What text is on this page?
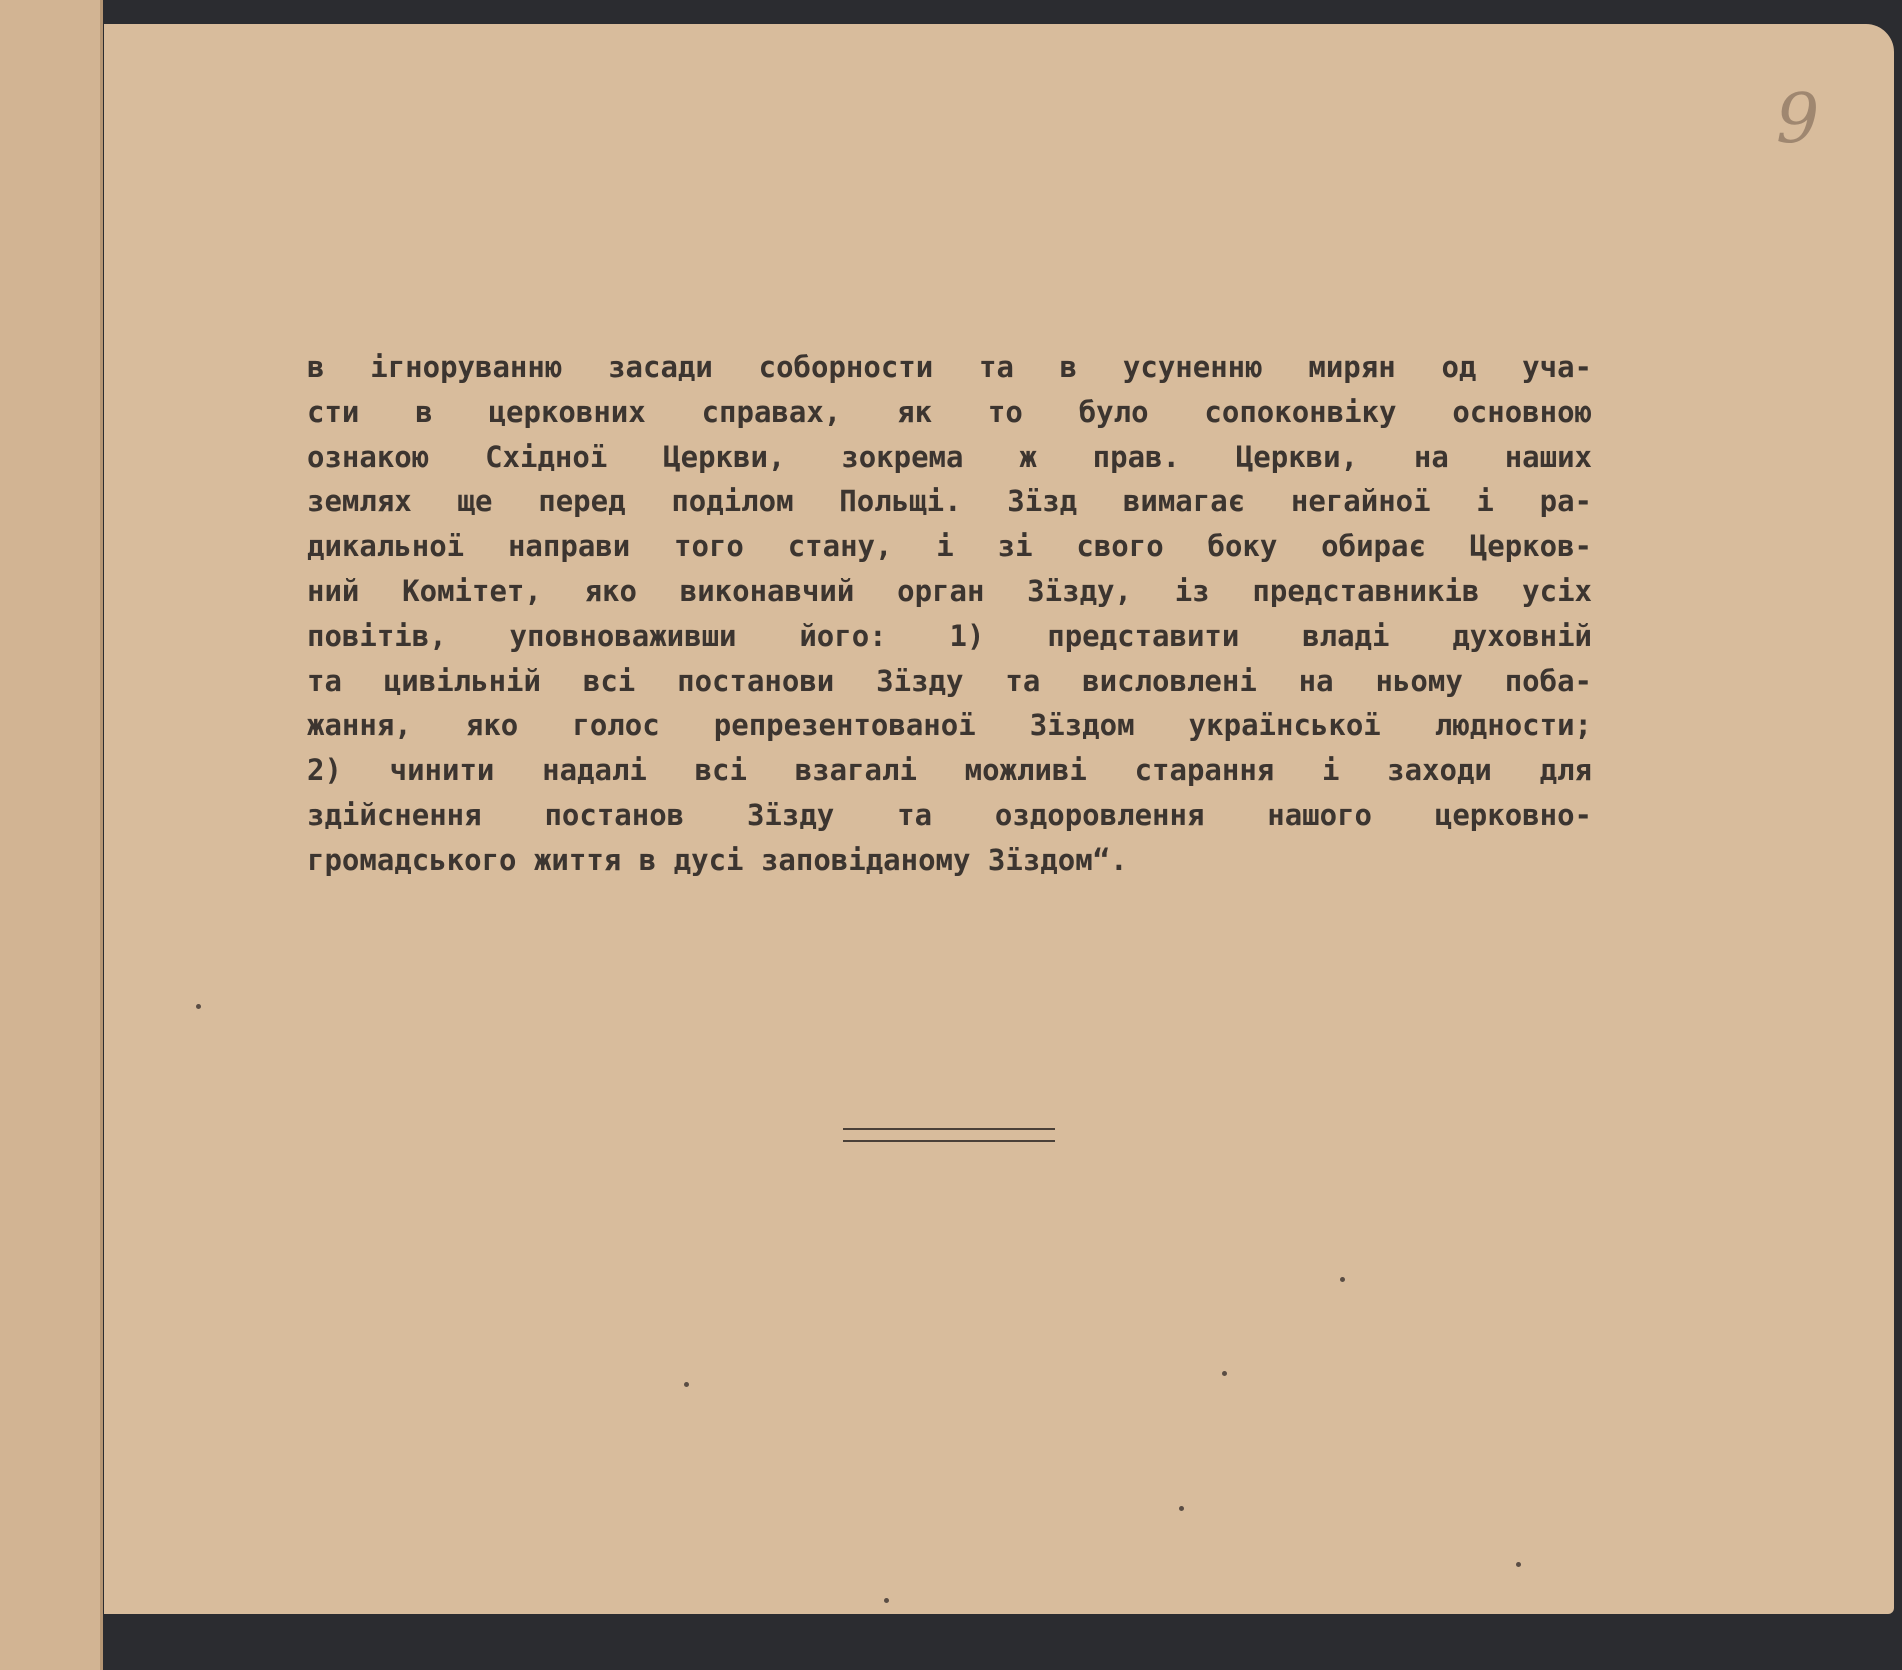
9

в ігноруванню засади соборности та в усуненню мирян од уча-
сти в церковних справах, як то було сопоконвіку основною
ознакою Східної Церкви, зокрема ж прав. Церкви, на наших
землях ще перед поділом Польщі. Зїзд вимагає негайної і ра-
дикальної направи того стану, і зі свого боку обирає Церков-
ний Комітет, яко виконавчий орган Зїзду, із представників усіх
повітів, уповноваживши його: 1) представити владі духовній
та цивільній всі постанови Зїзду та висловлені на ньому поба-
жання, яко голос репрезентованої Зїздом української людности;
2) чинити надалі всі взагалі можливі старання і заходи для
здійснення постанов Зїзду та оздоровлення нашого церковно-
громадського життя в дусі заповіданому Зїздом“.
